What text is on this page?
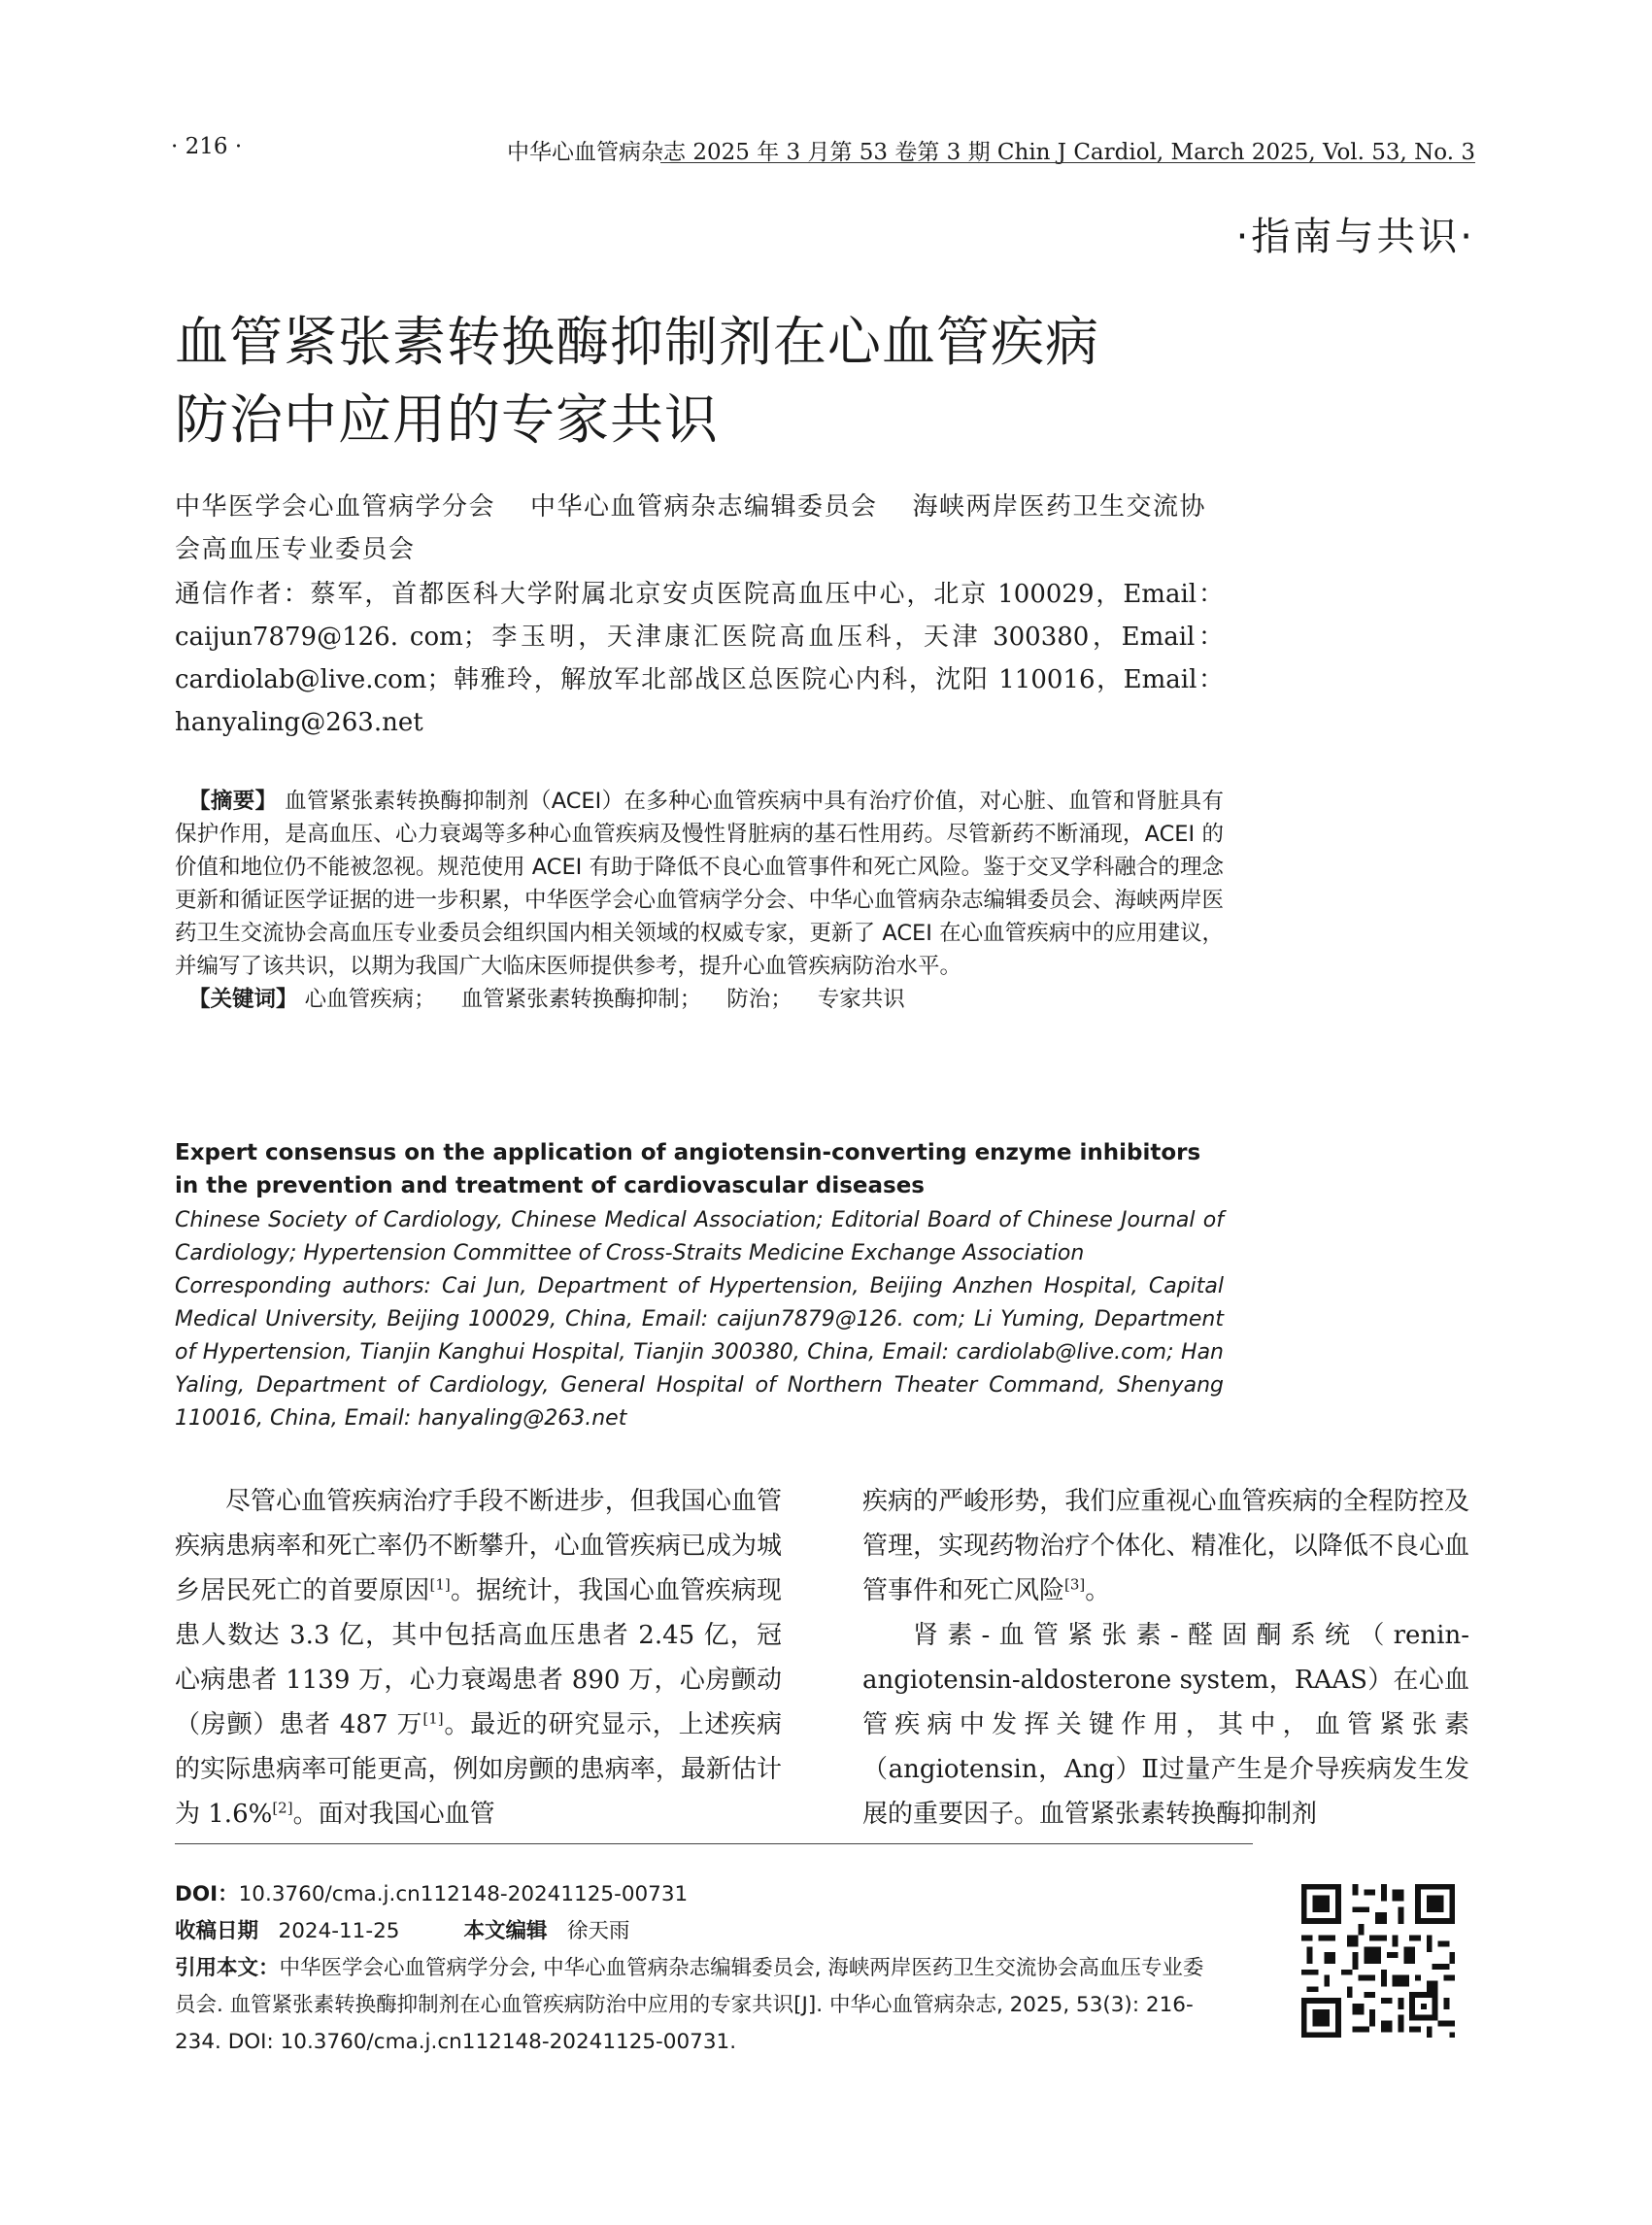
· 216 ·	中华心血管病杂志 2025 年 3 月第 53 卷第 3 期 Chin J Cardiol, March 2025, Vol. 53, No. 3
·指南与共识·
血管紧张素转换酶抑制剂在心血管疾病
防治中应用的专家共识
中华医学会心血管病学分会 中华心血管病杂志编辑委员会 海峡两岸医药卫生交流协会高血压专业委员会
通信作者：蔡军，首都医科大学附属北京安贞医院高血压中心，北京 100029，Email：caijun7879@126. com；李玉明，天津康汇医院高血压科，天津 300380，Email：cardiolab@live.com；韩雅玲，解放军北部战区总医院心内科，沈阳 110016，Email：hanyaling@263.net

【摘要】 血管紧张素转换酶抑制剂（ACEI）在多种心血管疾病中具有治疗价值，对心脏、血管和肾脏具有保护作用，是高血压、心力衰竭等多种心血管疾病及慢性肾脏病的基石性用药。尽管新药不断涌现，ACEI 的价值和地位仍不能被忽视。规范使用 ACEI 有助于降低不良心血管事件和死亡风险。鉴于交叉学科融合的理念更新和循证医学证据的进一步积累，中华医学会心血管病学分会、中华心血管病杂志编辑委员会、海峡两岸医药卫生交流协会高血压专业委员会组织国内相关领域的权威专家，更新了 ACEI 在心血管疾病中的应用建议，并编写了该共识，以期为我国广大临床医师提供参考，提升心血管疾病防治水平。

【关键词】 心血管疾病； 血管紧张素转换酶抑制； 防治； 专家共识

Expert consensus on the application of angiotensin-converting enzyme inhibitors in the prevention and treatment of cardiovascular diseases

Chinese Society of Cardiology, Chinese Medical Association; Editorial Board of Chinese Journal of Cardiology; Hypertension Committee of Cross-Straits Medicine Exchange Association

Corresponding authors: Cai Jun, Department of Hypertension, Beijing Anzhen Hospital, Capital Medical University, Beijing 100029, China, Email: caijun7879@126. com; Li Yuming, Department of Hypertension, Tianjin Kanghui Hospital, Tianjin 300380, China, Email: cardiolab@live.com; Han Yaling, Department of Cardiology, General Hospital of Northern Theater Command, Shenyang 110016, China, Email: hanyaling@263.net

尽管心血管疾病治疗手段不断进步，但我国心血管疾病患病率和死亡率仍不断攀升，心血管疾病已成为城乡居民死亡的首要原因[1]。据统计，我国心血管疾病现患人数达 3.3 亿，其中包括高血压患者 2.45 亿，冠心病患者 1139 万，心力衰竭患者 890 万，心房颤动（房颤）患者 487 万[1]。最近的研究显示，上述疾病的实际患病率可能更高，例如房颤的患病率，最新估计为 1.6%[2]。面对我国心血管

疾病的严峻形势，我们应重视心血管疾病的全程防控及管理，实现药物治疗个体化、精准化，以降低不良心血管事件和死亡风险[3]。

肾素-血管紧张素-醛固酮系统（renin-angiotensin-aldosterone system，RAAS）在心血管疾病中发挥关键作用，其中，血管紧张素（angiotensin，Ang）Ⅱ过量产生是介导疾病发生发展的重要因子。血管紧张素转换酶抑制剂

DOI：10.3760/cma.j.cn112148-20241125-00731

收稿日期 2024-11-25	本文编辑 徐天雨

引用本文：中华医学会心血管病学分会, 中华心血管病杂志编辑委员会, 海峡两岸医药卫生交流协会高血压专业委员会. 血管紧张素转换酶抑制剂在心血管疾病防治中应用的专家共识[J]. 中华心血管病杂志, 2025, 53(3): 216-234. DOI: 10.3760/cma.j.cn112148-20241125-00731.
